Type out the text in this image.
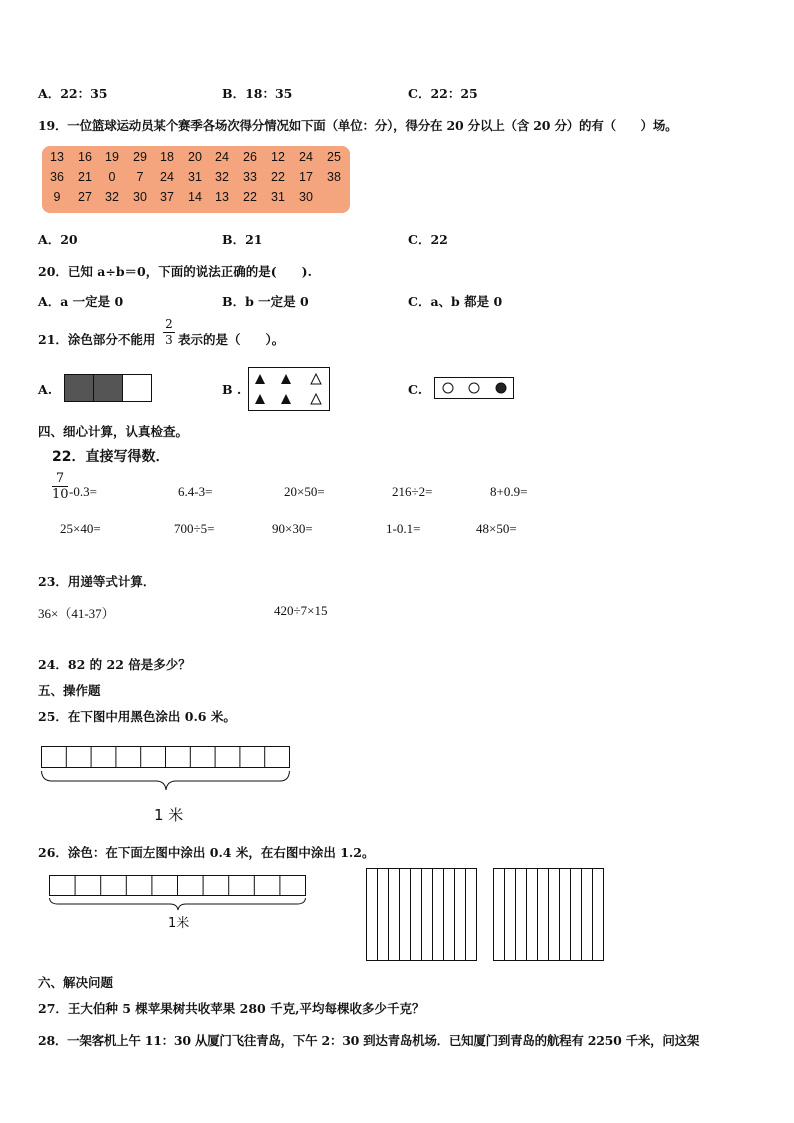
A．22：35	B．18：35	C．22：25
19．一位篮球运动员某个赛季各场次得分情况如下面（单位：分），得分在 20 分以上（含 20 分）的有（　　）场。
13	16	19	29	18	20	24	26	12	24	25
36	21	0	7	24	31	32	33	22	17	38
9	27	32	30	37	14	13	22	31	30
A．20	B．21	C．22
20．已知 a÷b＝0，下面的说法正确的是(　　).
A．a 一定是 0	B．b 一定是 0	C．a、b 都是 0
21．涂色部分不能用
2
3 表示的是（　　）。
A.	B .	C.
四、细心计算，认真检查。
22．直接写得数．
7
10 -0.3=	6.4-3=	20×50=	216÷2=	8+0.9=
25×40=	700÷5=	90×30=	1-0.1=	48×50=
23．用递等式计算．
36×（41-37）	420÷7×15
24．82 的 22 倍是多少？
五、操作题
25．在下图中用黑色涂出 0.6 米。
1 米
26．涂色：在下面左图中涂出 0.4 米，在右图中涂出 1.2。
1米
六、解决问题
27．王大伯种 5 棵苹果树共收苹果 280 千克,平均每棵收多少千克？
28．一架客机上午 11：30 从厦门飞往青岛，下午 2：30 到达青岛机场．已知厦门到青岛的航程有 2250 千米，问这架
